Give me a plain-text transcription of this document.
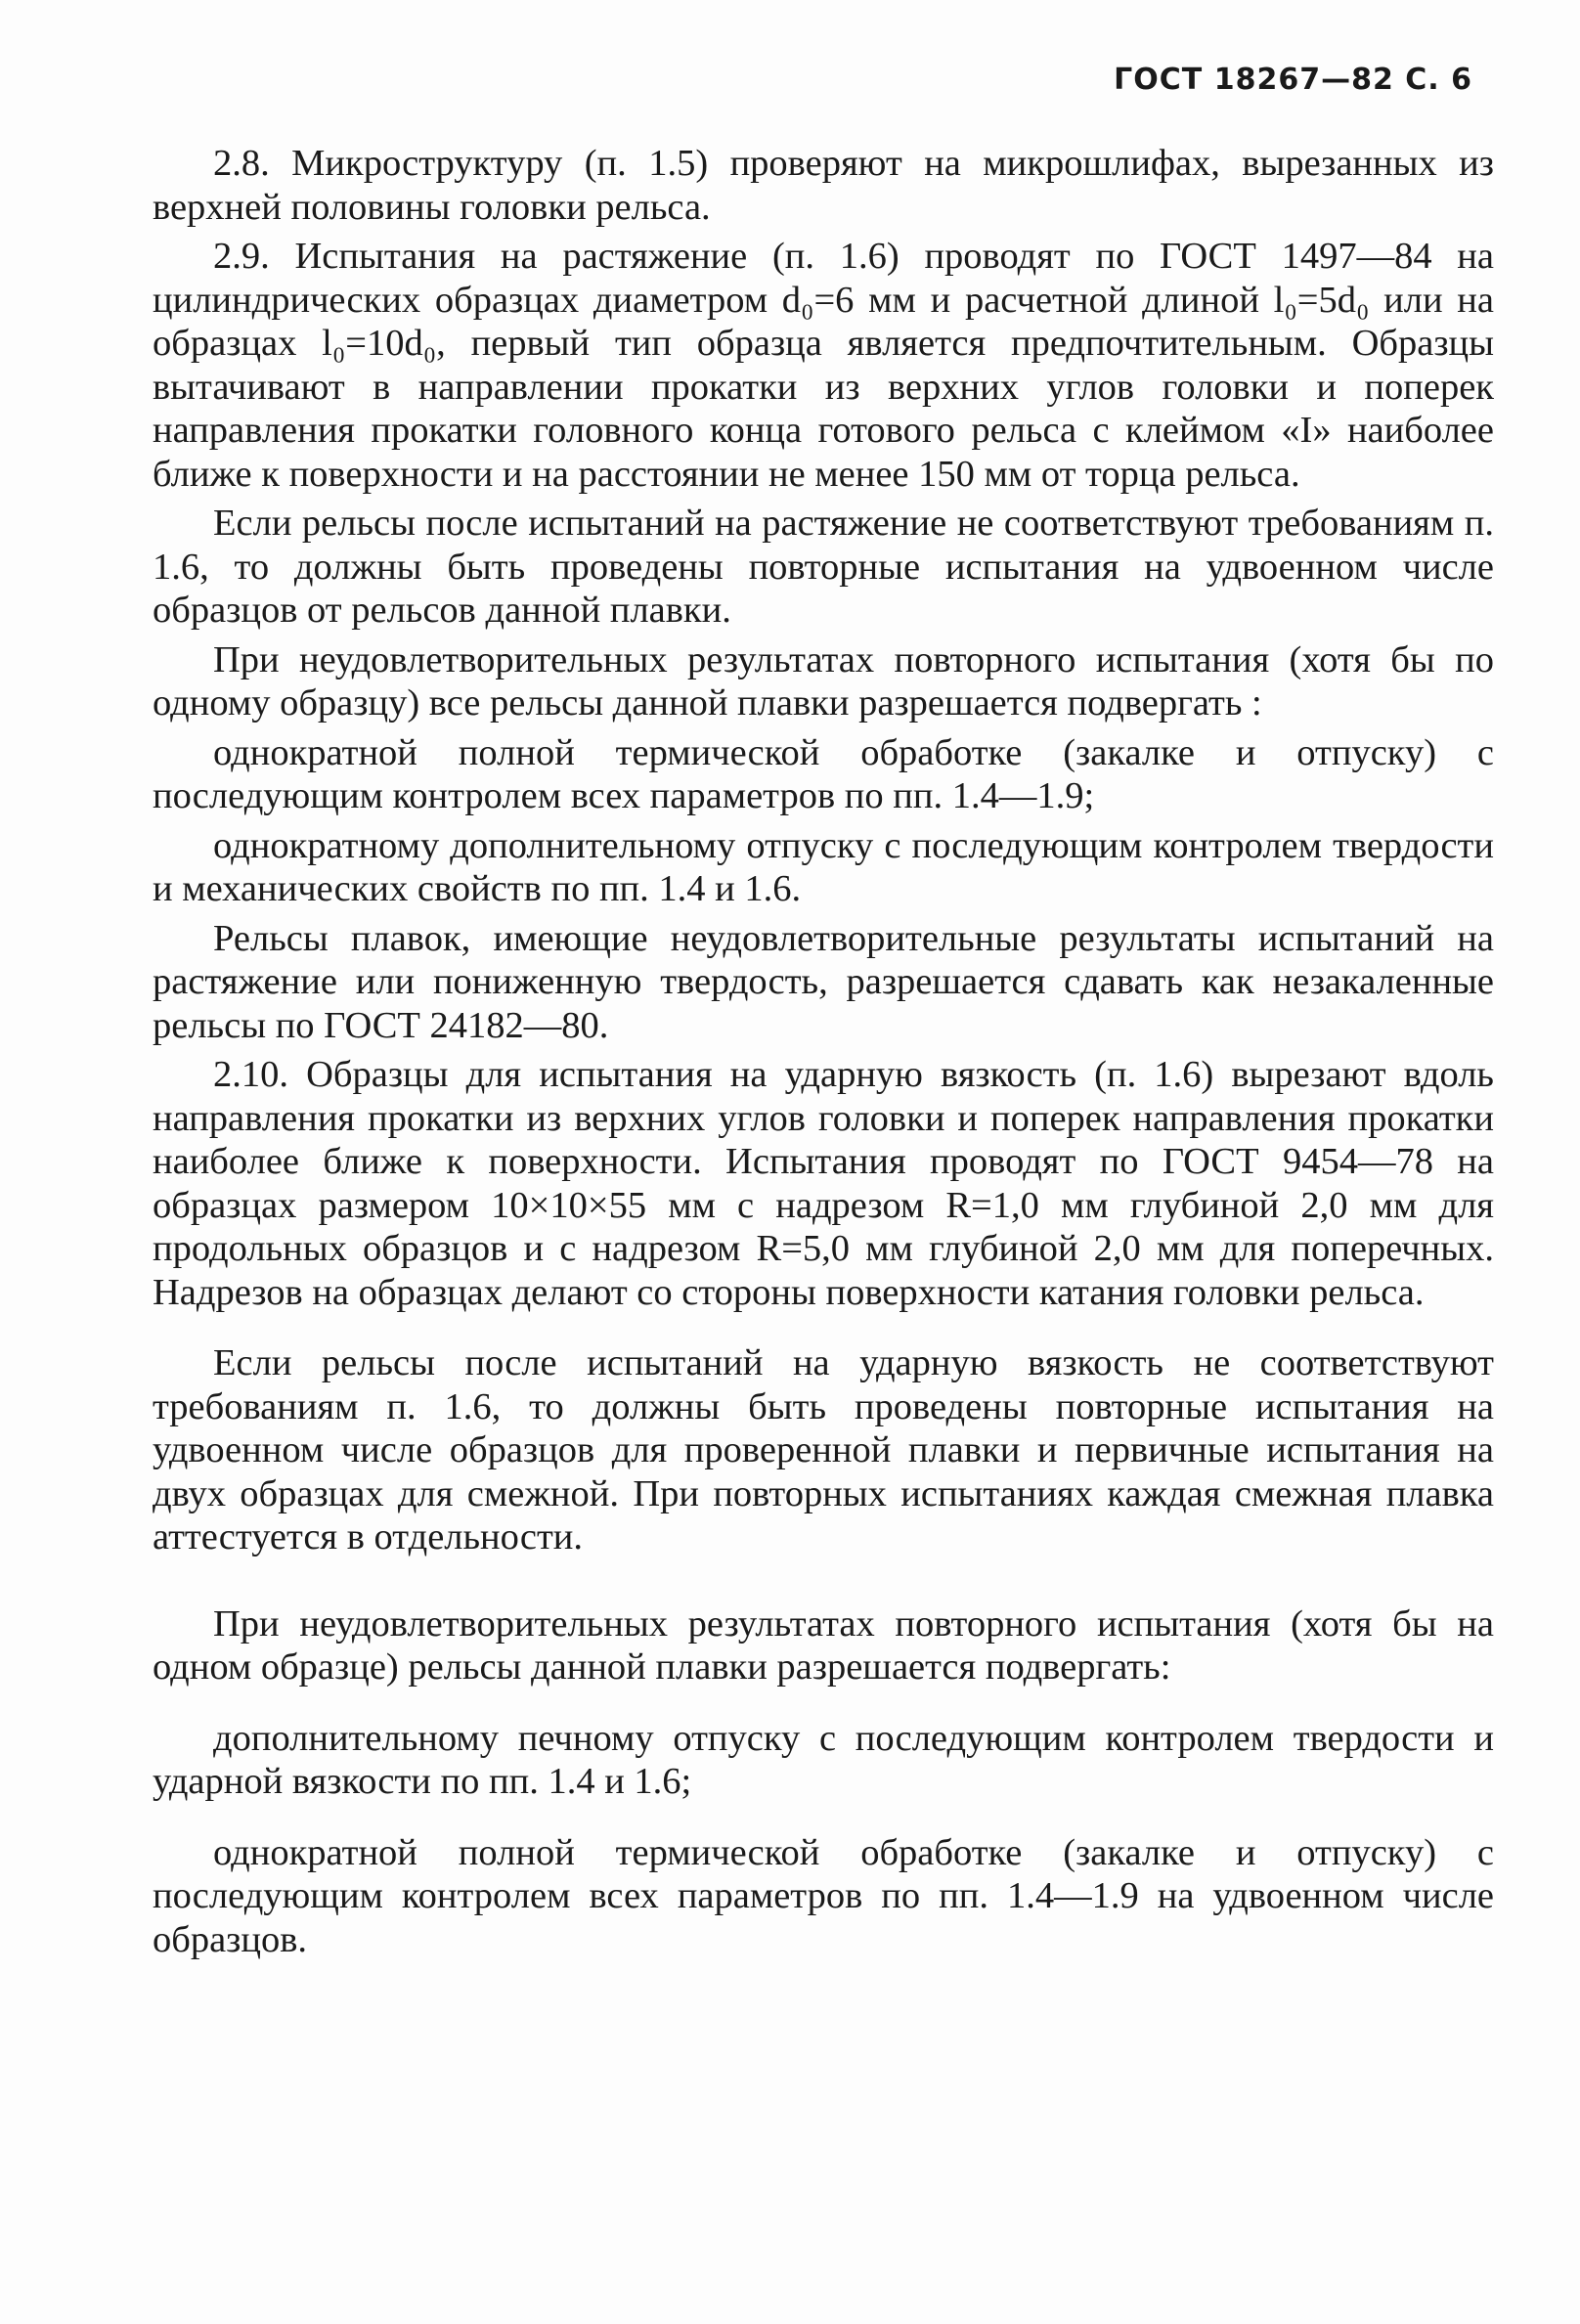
ГОСТ 18267—82 С. 6

2.8. Микроструктуру (п. 1.5) проверяют на микрошлифах, вырезанных из верхней половины головки рельса.

2.9. Испытания на растяжение (п. 1.6) проводят по ГОСТ 1497—84 на цилиндрических образцах диаметром d₀=6 мм и расчетной длиной l₀=5d₀ или на образцах l₀=10d₀, первый тип образца является предпочтительным. Образцы вытачивают в направлении прокатки из верхних углов головки и поперек направления прокатки головного конца готового рельса с клеймом «I» наиболее ближе к поверхности и на расстоянии не менее 150 мм от торца рельса.

Если рельсы после испытаний на растяжение не соответствуют требованиям п. 1.6, то должны быть проведены повторные испытания на удвоенном числе образцов от рельсов данной плавки.

При неудовлетворительных результатах повторного испытания (хотя бы по одному образцу) все рельсы данной плавки разрешается подвергать :

однократной полной термической обработке (закалке и отпуску) с последующим контролем всех параметров по пп. 1.4—1.9;

однократному дополнительному отпуску с последующим контролем твердости и механических свойств по пп. 1.4 и 1.6.

Рельсы плавок, имеющие неудовлетворительные результаты испытаний на растяжение или пониженную твердость, разрешается сдавать как незакаленные рельсы по ГОСТ 24182—80.

2.10. Образцы для испытания на ударную вязкость (п. 1.6) вырезают вдоль направления прокатки из верхних углов головки и поперек направления прокатки наиболее ближе к поверхности. Испытания проводят по ГОСТ 9454—78 на образцах размером 10×10×55 мм с надрезом R=1,0 мм глубиной 2,0 мм для продольных образцов и с надрезом R=5,0 мм глубиной 2,0 мм для поперечных. Надрезов на образцах делают со стороны поверхности катания головки рельса.

Если рельсы после испытаний на ударную вязкость не соответствуют требованиям п. 1.6, то должны быть проведены повторные испытания на удвоенном числе образцов для проверенной плавки и первичные испытания на двух образцах для смежной. При повторных испытаниях каждая смежная плавка аттестуется в отдельности.

При неудовлетворительных результатах повторного испытания (хотя бы на одном образце) рельсы данной плавки разрешается подвергать:

дополнительному печному отпуску с последующим контролем твердости и ударной вязкости по пп. 1.4 и 1.6;

однократной полной термической обработке (закалке и отпуску) с последующим контролем всех параметров по пп. 1.4—1.9 на удвоенном числе образцов.
